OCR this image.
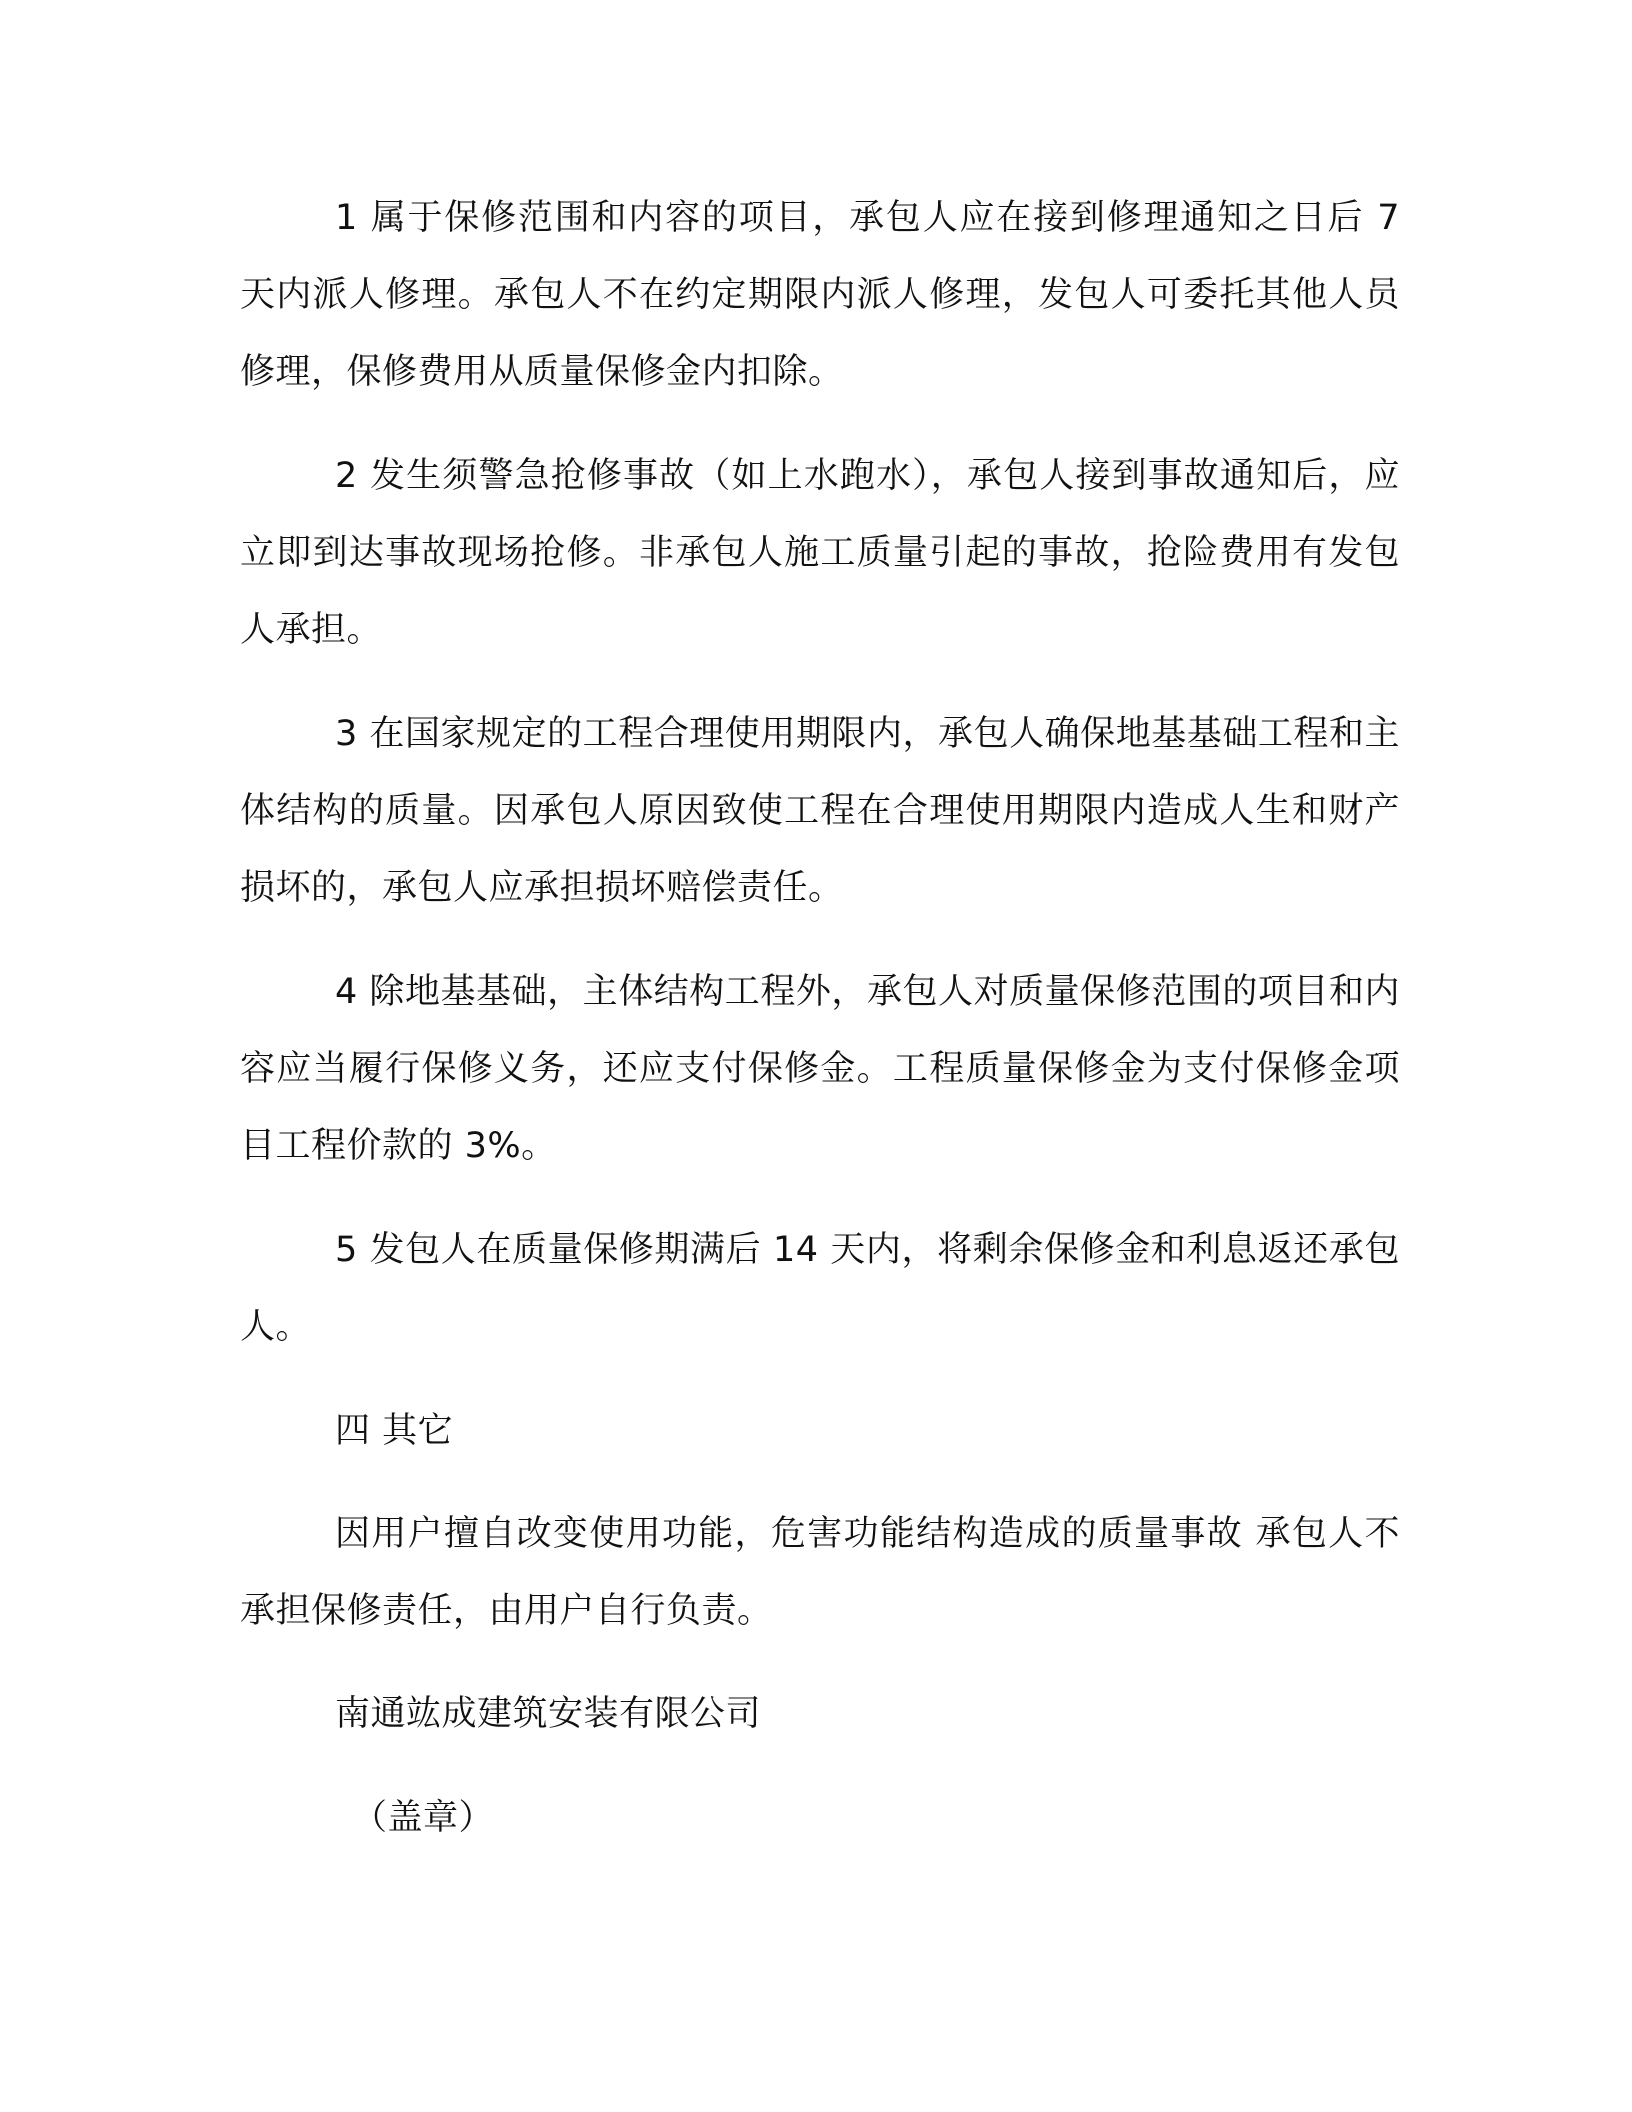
1 属于保修范围和内容的项目，承包人应在接到修理通知之日后 7 天内派人修理。承包人不在约定期限内派人修理，发包人可委托其他人员修理，保修费用从质量保修金内扣除。

2 发生须警急抢修事故（如上水跑水），承包人接到事故通知后，应立即到达事故现场抢修。非承包人施工质量引起的事故，抢险费用有发包人承担。

3 在国家规定的工程合理使用期限内，承包人确保地基基础工程和主体结构的质量。因承包人原因致使工程在合理使用期限内造成人生和财产损坏的，承包人应承担损坏赔偿责任。

4 除地基基础，主体结构工程外，承包人对质量保修范围的项目和内容应当履行保修义务，还应支付保修金。工程质量保修金为支付保修金项目工程价款的 3%。

5 发包人在质量保修期满后 14 天内，将剩余保修金和利息返还承包人。

四 其它

因用户擅自改变使用功能，危害功能结构造成的质量事故 承包人不承担保修责任，由用户自行负责。

南通竑成建筑安装有限公司

（盖章）
